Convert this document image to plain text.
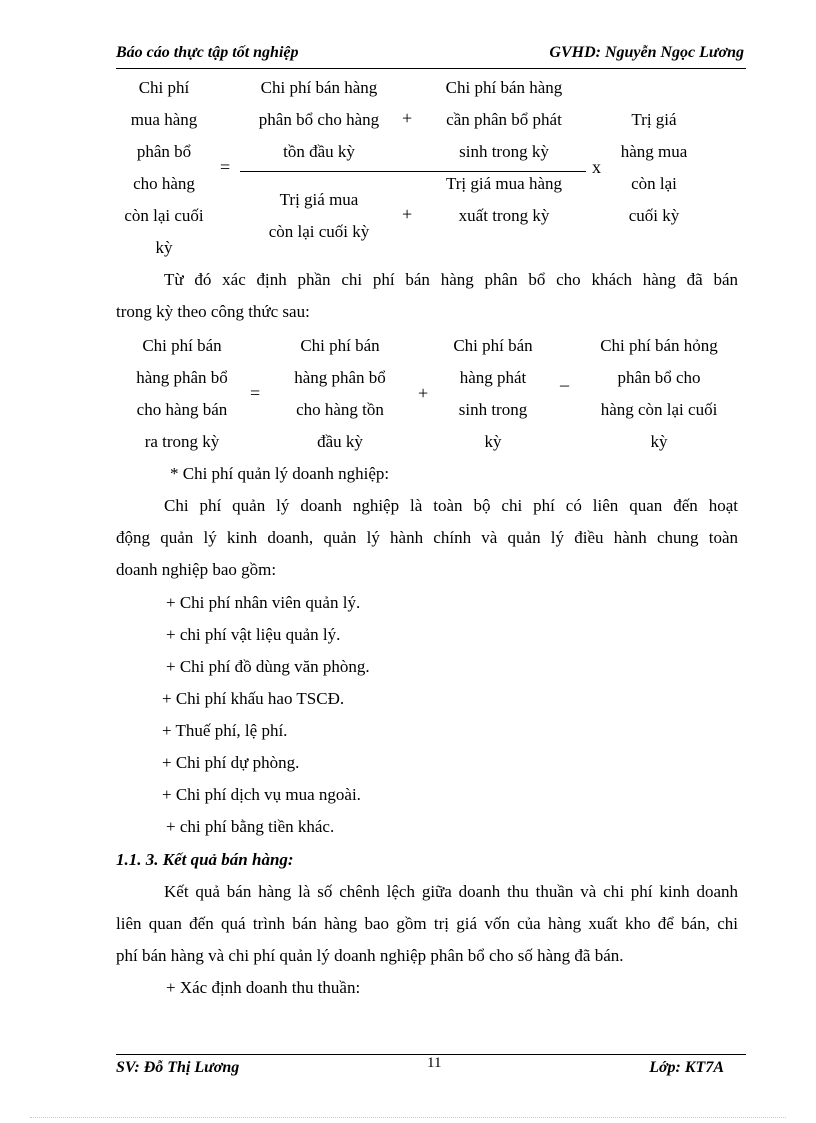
Báo cáo thực tập tốt nghiệp	GVHD: Nguyễn Ngọc Lương
Chi phí
mua hàng
phân bổ
cho hàng
còn lại cuối
kỳ
=
Chi phí bán hàng
phân bổ cho hàng
tồn đầu kỳ
+
Chi phí bán hàng
cần phân bổ phát
sinh trong kỳ
Trị giá mua
còn lại cuối kỳ
+
Trị giá mua hàng
xuất trong kỳ
x
Trị giá
hàng mua
còn lại
cuối kỳ
Từ đó xác định phần chi phí bán hàng phân bổ cho khách hàng đã bán
trong kỳ theo công thức sau:
Chi phí bán
hàng phân bổ
cho hàng bán
ra trong kỳ
=
Chi phí bán
hàng phân bổ
cho hàng tồn
đầu kỳ
+
Chi phí bán
hàng phát
sinh trong
kỳ
_
Chi phí bán hỏng
phân bổ cho
hàng còn lại cuối
kỳ
* Chi phí quản lý doanh nghiệp:
Chi phí quản lý doanh nghiệp là toàn bộ chi phí có liên quan đến hoạt
động quản lý kinh doanh, quản lý hành chính và quản lý điều hành chung toàn
doanh nghiệp bao gồm:
+ Chi phí nhân viên quản lý.
+ chi phí vật liệu quản lý.
+ Chi phí đồ dùng văn phòng.
+ Chi phí khấu hao TSCĐ.
+ Thuế phí, lệ phí.
+ Chi phí dự phòng.
+ Chi phí dịch vụ mua ngoài.
+ chi phí bằng tiền khác.
1.1. 3. Kết quả bán hàng:
Kết quả bán hàng là số chênh lệch giữa doanh thu thuần và chi phí kinh doanh
liên quan đến quá trình bán hàng bao gồm trị giá vốn của hàng xuất kho để bán, chi
phí bán hàng và chi phí quản lý doanh nghiệp phân bổ cho số hàng đã bán.
+ Xác định doanh thu thuần:
SV: Đỗ Thị Lương	11	Lớp: KT7A
